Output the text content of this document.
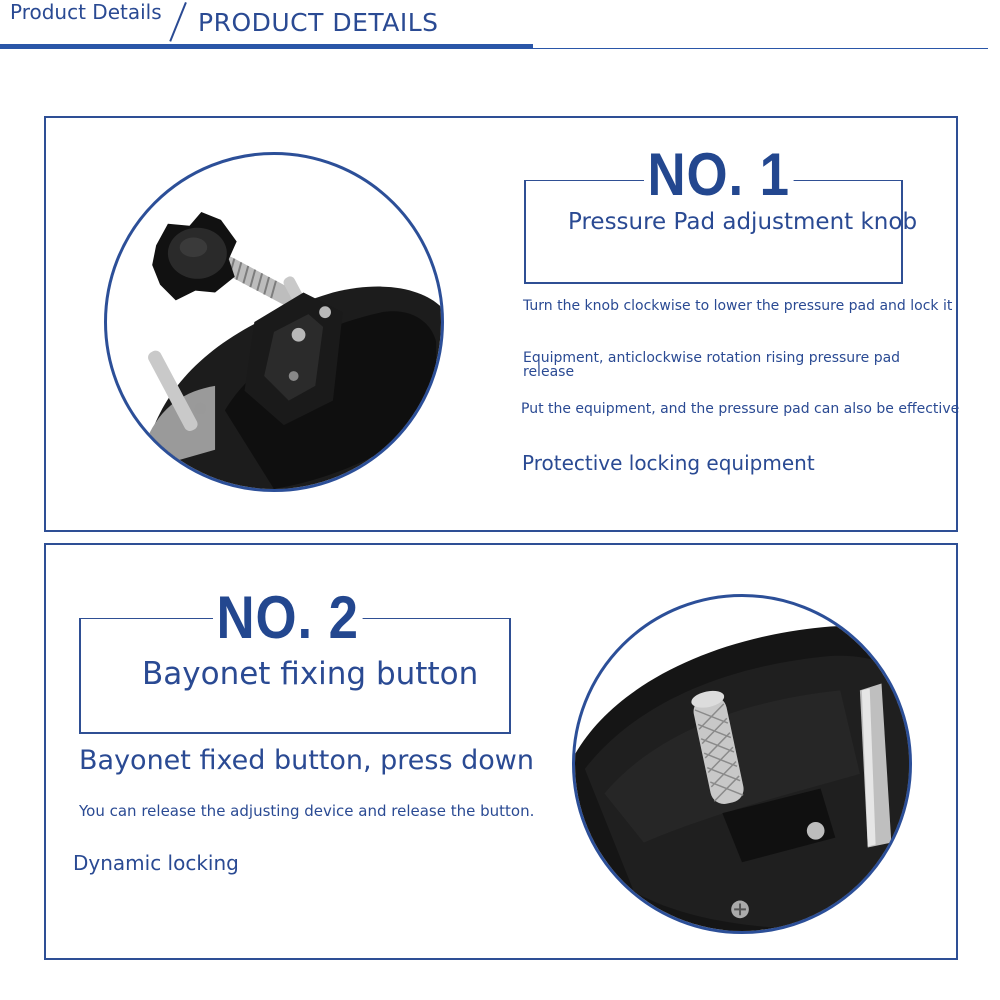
Product Details PRODUCT DETAILS
NO. 1
Pressure Pad adjustment knob
Turn the knob clockwise to lower the pressure pad and lock it
Equipment, anticlockwise rotation rising pressure pad release
Put the equipment, and the pressure pad can also be effective
Protective locking equipment
NO. 2
Bayonet fixing button
Bayonet fixed button, press down
You can release the adjusting device and release the button.
Dynamic locking
